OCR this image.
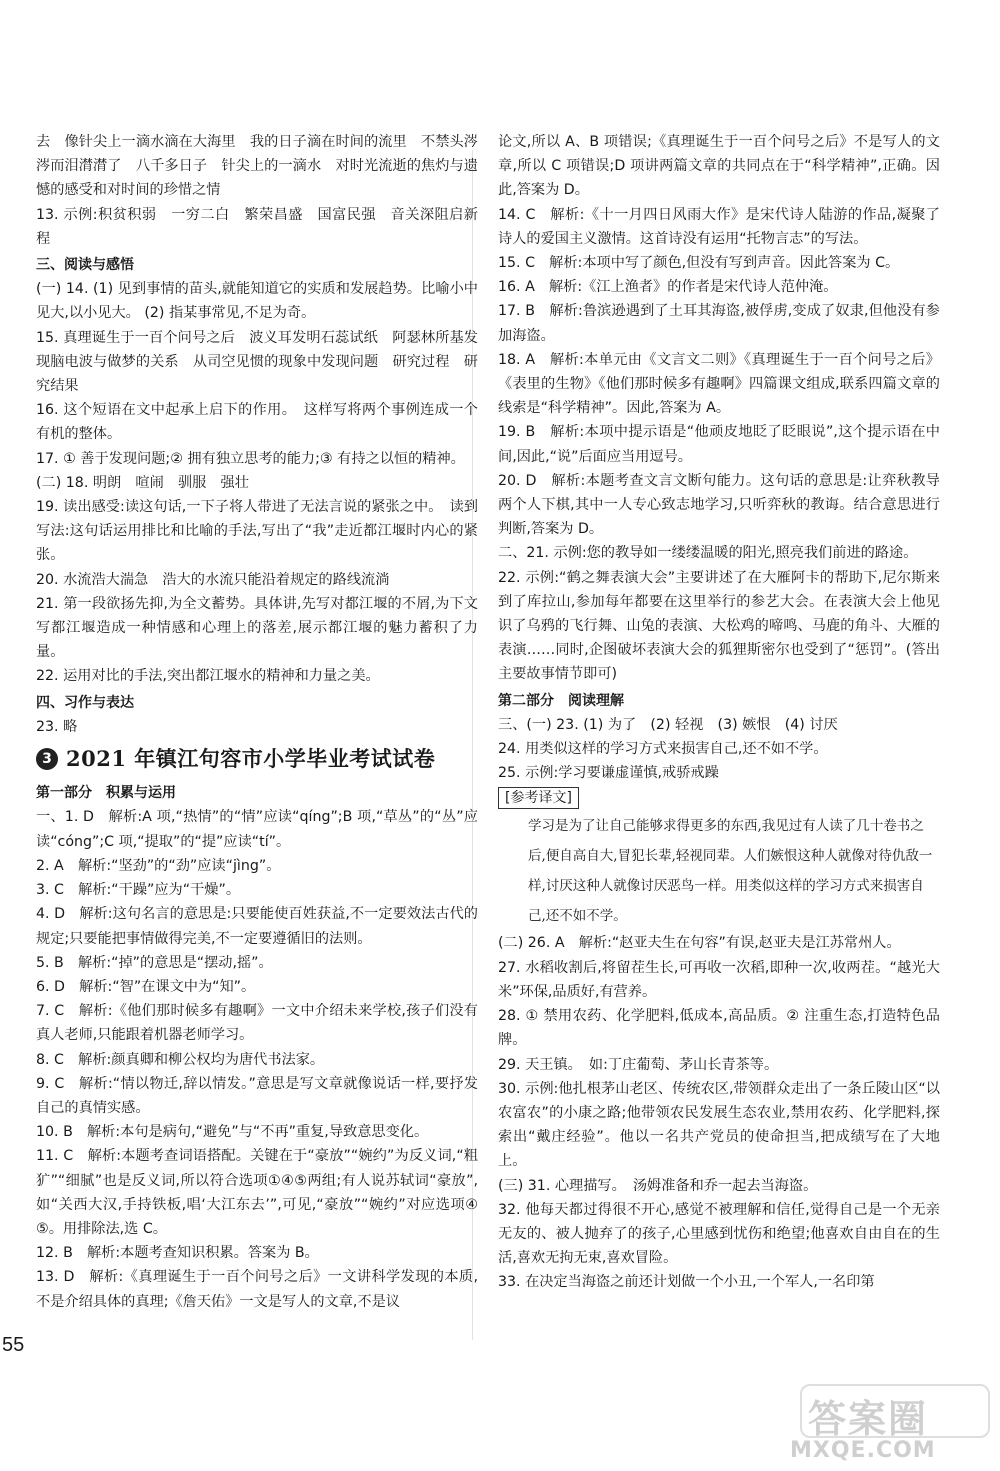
去　像针尖上一滴水滴在大海里　我的日子滴在时间的流里　不禁头涔涔而泪潸潸了　八千多日子　针尖上的一滴水　对时光流逝的焦灼与遗憾的感受和对时间的珍惜之情

13. 示例:积贫积弱　一穷二白　繁荣昌盛　国富民强　音关深阻启新程

三、阅读与感悟

(一) 14. (1) 见到事情的苗头,就能知道它的实质和发展趋势。比喻小中见大,以小见大。 (2) 指某事常见,不足为奇。

15. 真理诞生于一百个问号之后　波义耳发明石蕊试纸　阿瑟林所基发现脑电波与做梦的关系　从司空见惯的现象中发现问题　研究过程　研究结果

16. 这个短语在文中起承上启下的作用。　这样写将两个事例连成一个有机的整体。

17. ① 善于发现问题;② 拥有独立思考的能力;③ 有持之以恒的精神。

(二) 18. 明朗　喧闹　驯服　强壮

19. 读出感受:读这句话,一下子将人带进了无法言说的紧张之中。　读到写法:这句话运用排比和比喻的手法,写出了“我”走近都江堰时内心的紧张。

20. 水流浩大湍急　浩大的水流只能沿着规定的路线流淌

21. 第一段欲扬先抑,为全文蓄势。具体讲,先写对都江堰的不屑,为下文写都江堰造成一种情感和心理上的落差,展示都江堰的魅力蓄积了力量。

22. 运用对比的手法,突出都江堰水的精神和力量之美。

四、习作与表达

23. 略

3 2021 年镇江句容市小学毕业考试试卷

第一部分　积累与运用

一、1. D　解析:A 项,“热情”的“情”应读“qíng”;B 项,“草丛”的“丛”应读“cóng”;C 项,“提取”的“提”应读“tí”。

2. A　解析:“坚劲”的“劲”应读“jìng”。

3. C　解析:“干躁”应为“干燥”。

4. D　解析:这句名言的意思是:只要能使百姓获益,不一定要效法古代的规定;只要能把事情做得完美,不一定要遵循旧的法则。

5. B　解析:“掉”的意思是“摆动,摇”。

6. D　解析:“智”在课文中为“知”。

7. C　解析:《他们那时候多有趣啊》一文中介绍未来学校,孩子们没有真人老师,只能跟着机器老师学习。

8. C　解析:颜真卿和柳公权均为唐代书法家。

9. C　解析:“情以物迁,辞以情发。”意思是写文章就像说话一样,要抒发自己的真情实感。

10. B　解析:本句是病句,“避免”与“不再”重复,导致意思变化。

11. C　解析:本题考查词语搭配。关键在于“豪放”“婉约”为反义词,“粗犷”“细腻”也是反义词,所以符合选项①④⑤两组;有人说苏轼词“豪放”,如“关西大汉,手持铁板,唱‘大江东去’”,可见,“豪放”“婉约”对应选项④⑤。用排除法,选 C。

12. B　解析:本题考查知识积累。答案为 B。

13. D　解析:《真理诞生于一百个问号之后》一文讲科学发现的本质,不是介绍具体的真理;《詹天佑》一文是写人的文章,不是议

论文,所以 A、B 项错误;《真理诞生于一百个问号之后》不是写人的文章,所以 C 项错误;D 项讲两篇文章的共同点在于“科学精神”,正确。因此,答案为 D。

14. C　解析:《十一月四日风雨大作》是宋代诗人陆游的作品,凝聚了诗人的爱国主义激情。这首诗没有运用“托物言志”的写法。

15. C　解析:本项中写了颜色,但没有写到声音。因此答案为 C。

16. A　解析:《江上渔者》的作者是宋代诗人范仲淹。

17. B　解析:鲁滨逊遇到了土耳其海盗,被俘虏,变成了奴隶,但他没有参加海盗。

18. A　解析:本单元由《文言文二则》《真理诞生于一百个问号之后》《表里的生物》《他们那时候多有趣啊》四篇课文组成,联系四篇文章的线索是“科学精神”。因此,答案为 A。

19. B　解析:本项中提示语是“他顽皮地眨了眨眼说”,这个提示语在中间,因此,“说”后面应当用逗号。

20. D　解析:本题考查文言文断句能力。这句话的意思是:让弈秋教导两个人下棋,其中一人专心致志地学习,只听弈秋的教诲。结合意思进行判断,答案为 D。

二、21. 示例:您的教导如一缕缕温暖的阳光,照亮我们前进的路途。

22. 示例:“鹤之舞表演大会”主要讲述了在大雁阿卡的帮助下,尼尔斯来到了库拉山,参加每年都要在这里举行的参艺大会。在表演大会上他见识了乌鸦的飞行舞、山兔的表演、大松鸡的啼鸣、马鹿的角斗、大雁的表演……同时,企图破坏表演大会的狐狸斯密尔也受到了“惩罚”。(答出主要故事情节即可)

第二部分　阅读理解

三、(一) 23. (1) 为了　(2) 轻视　(3) 嫉恨　(4) 讨厌

24. 用类似这样的学习方式来损害自己,还不如不学。

25. 示例:学习要谦虚谨慎,戒骄戒躁

[参考译文]

学习是为了让自己能够求得更多的东西,我见过有人读了几十卷书之后,便自高自大,冒犯长辈,轻视同辈。人们嫉恨这种人就像对待仇敌一样,讨厌这种人就像讨厌恶鸟一样。用类似这样的学习方式来损害自己,还不如不学。

(二) 26. A　解析:“赵亚夫生在句容”有误,赵亚夫是江苏常州人。

27. 水稻收割后,将留茬生长,可再收一次稻,即种一次,收两茬。“越光大米”环保,品质好,有营养。

28. ① 禁用农药、化学肥料,低成本,高品质。② 注重生态,打造特色品牌。

29. 天王镇。　如:丁庄葡萄、茅山长青茶等。

30. 示例:他扎根茅山老区、传统农区,带领群众走出了一条丘陵山区“以农富农”的小康之路;他带领农民发展生态农业,禁用农药、化学肥料,探索出“戴庄经验”。他以一名共产党员的使命担当,把成绩写在了大地上。

(三) 31. 心理描写。　汤姆准备和乔一起去当海盗。

32. 他每天都过得很不开心,感觉不被理解和信任,觉得自己是一个无亲无友的、被人抛弃了的孩子,心里感到忧伤和绝望;他喜欢自由自在的生活,喜欢无拘无束,喜欢冒险。

33. 在决定当海盗之前还计划做一个小丑,一个军人,一名印第

55
答案圈
MXQE.COM
